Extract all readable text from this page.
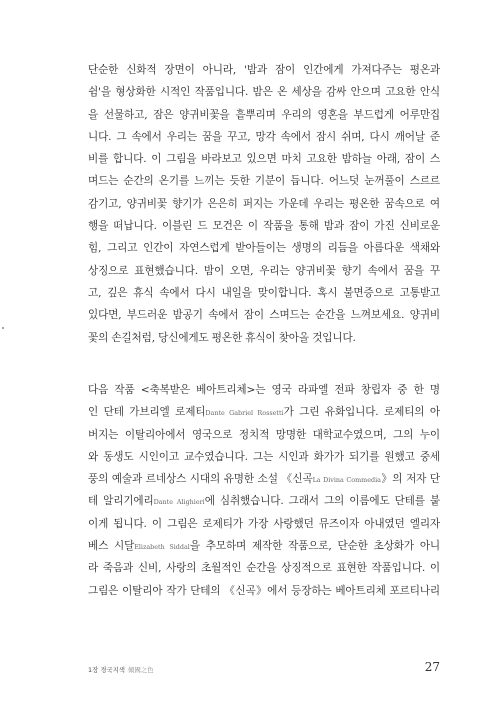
단순한 신화적 장면이 아니라, '밤과 잠이 인간에게 가져다주는 평온과
쉼'을 형상화한 시적인 작품입니다. 밤은 온 세상을 감싸 안으며 고요한 안식
을 선물하고, 잠은 양귀비꽃을 흩뿌리며 우리의 영혼을 부드럽게 어루만집
니다. 그 속에서 우리는 꿈을 꾸고, 망각 속에서 잠시 쉬며, 다시 깨어날 준
비를 합니다. 이 그림을 바라보고 있으면 마치 고요한 밤하늘 아래, 잠이 스
며드는 순간의 온기를 느끼는 듯한 기분이 듭니다. 어느덧 눈꺼풀이 스르르
감기고, 양귀비꽃 향기가 은은히 퍼지는 가운데 우리는 평온한 꿈속으로 여
행을 떠납니다. 이블린 드 모건은 이 작품을 통해 밤과 잠이 가진 신비로운
힘, 그리고 인간이 자연스럽게 받아들이는 생명의 리듬을 아름다운 색채와
상징으로 표현했습니다. 밤이 오면, 우리는 양귀비꽃 향기 속에서 꿈을 꾸
고, 깊은 휴식 속에서 다시 내일을 맞이합니다. 혹시 불면증으로 고통받고
있다면, 부드러운 밤공기 속에서 잠이 스며드는 순간을 느껴보세요. 양귀비
꽃의 손길처럼, 당신에게도 평온한 휴식이 찾아올 것입니다.
다음 작품 <축복받은 베아트리체>는 영국 라파엘 전파 창립자 중 한 명
인 단테 가브리엘 로제티Dante Gabriel Rossetti가 그린 유화입니다. 로제티의 아
버지는 이탈리아에서 영국으로 정치적 망명한 대학교수였으며, 그의 누이
와 동생도 시인이고 교수였습니다. 그는 시인과 화가가 되기를 원했고 중세
풍의 예술과 르네상스 시대의 유명한 소설 《신곡La Divina Commedia》의 저자 단
테 알리기에리Dante Alighieri에 심취했습니다. 그래서 그의 이름에도 단테를 붙
이게 됩니다. 이 그림은 로제티가 가장 사랑했던 뮤즈이자 아내였던 엘리자
베스 시달Elizabeth Siddal을 추모하며 제작한 작품으로, 단순한 초상화가 아니
라 죽음과 신비, 사랑의 초월적인 순간을 상징적으로 표현한 작품입니다. 이
그림은 이탈리아 작가 단테의 《신곡》에서 등장하는 베아트리체 포르티나리
1장 경국지색 傾國之色	27
